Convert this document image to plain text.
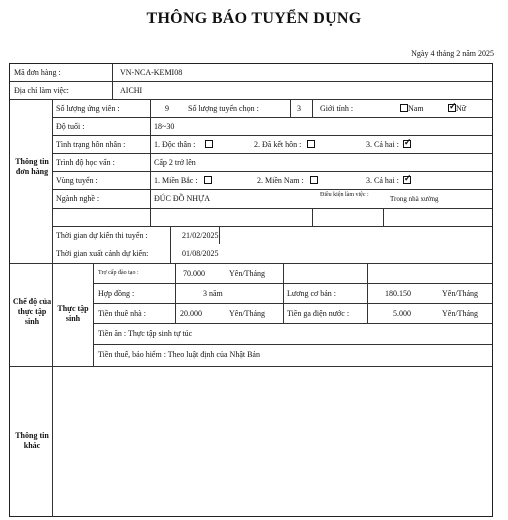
THÔNG BÁO TUYỂN DỤNG
Ngày 4 tháng 2 năm 2025
Thông tin đơn hàng
Chế độ của thực tập sinh
Thực tập sinh
Thông tin khác
Mã đơn hàng :	VN-NCA-KEMI08
Địa chỉ làm việc:	AICHI
Số lượng ứng viên :	9 Số lượng tuyển chọn :	3 Giới tính :	Nam
✓	Nữ
Độ tuổi :	18~30
Tình trạng hôn nhân :	1. Độc thân :	2. Đã kết hôn :	3. Cả hai : ✓
Trình độ học vấn :	Cấp 2 trở lên
Vùng tuyển :	1. Miền Bắc :	2. Miền Nam :	3. Cả hai : ✓
Ngành nghề :	ĐÚC ĐỒ NHỰA	Điều kiện làm việc :	Trong nhà xưởng
Thời gian dự kiến thi tuyển :	21/02/2025
Thời gian xuất cảnh dự kiến:	01/08/2025
Trợ cấp đào tạo :	70.000	Yên/Tháng
Hợp đồng :	3 năm	Lương cơ bản :	180.150	Yên/Tháng
Tiền thuê nhà :	20.000	Yên/Tháng	Tiền ga điện nước :	5.000	Yên/Tháng
Tiền ăn : Thực tập sinh tự túc
Tiền thuế, bảo hiểm : Theo luật định của Nhật Bản
